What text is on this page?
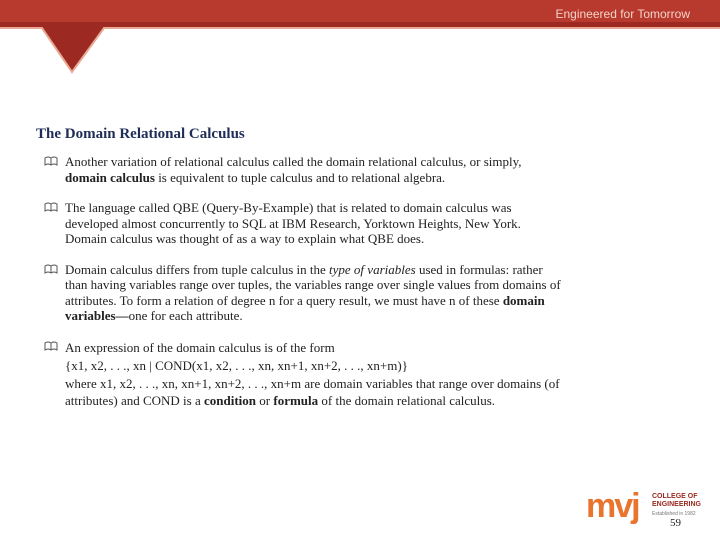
Engineered for Tomorrow
The Domain Relational Calculus
Another variation of relational calculus called the domain relational calculus, or simply,
domain calculus is equivalent to tuple calculus and to relational algebra.
The language called QBE (Query-By-Example) that is related to domain calculus was
developed almost concurrently to SQL at IBM Research, Yorktown Heights, New York.
Domain calculus was thought of as a way to explain what QBE does.
Domain calculus differs from tuple calculus in the type of variables used in formulas: rather
than having variables range over tuples, the variables range over single values from domains of
attributes. To form a relation of degree n for a query result, we must have n of these domain
variables—one for each attribute.
An expression of the domain calculus is of the form
{x1, x2, . . ., xn | COND(x1, x2, . . ., xn, xn+1, xn+2, . . ., xn+m)}
where x1, x2, . . ., xn, xn+1, xn+2, . . ., xn+m are domain variables that range over domains (of
attributes) and COND is a condition or formula of the domain relational calculus.
mvj COLLEGE OF
ENGINEERING
Established in 1982
59
